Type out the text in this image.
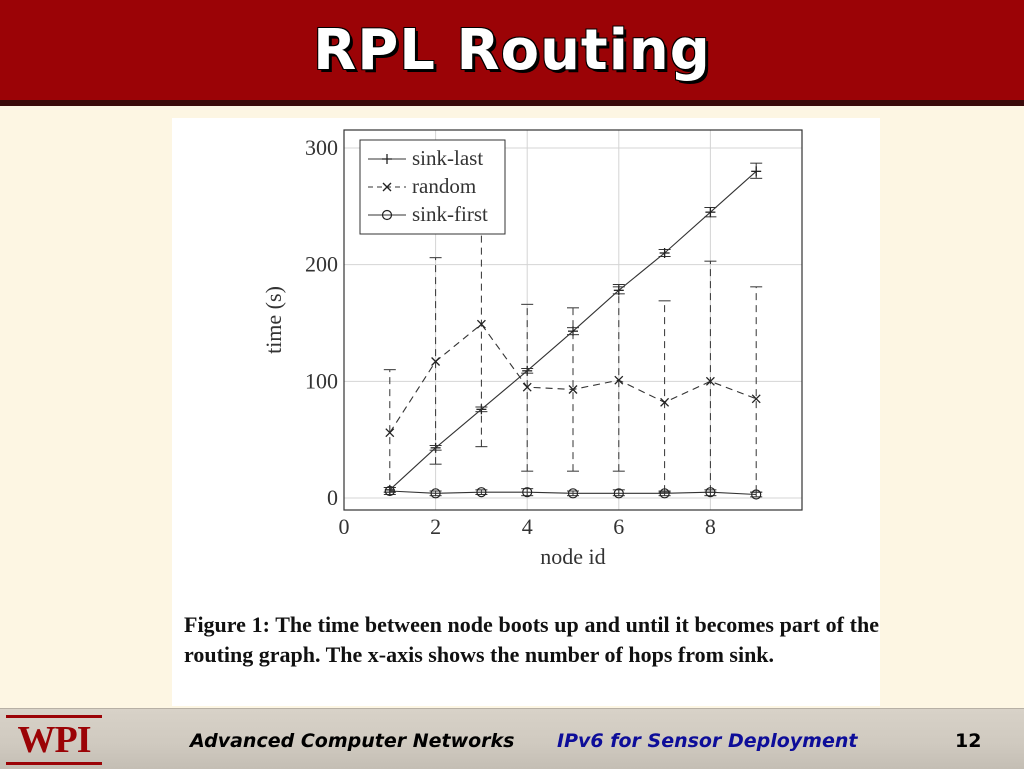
RPL Routing
0	2	4	6	8
0
100
200
300
node id
time (s)
sink-last
random
sink-first
Figure 1: The time between node boots up and until it becomes part of the routing graph. The x-axis shows the number of hops from sink.
WPI	Advanced Computer Networks IPv6 for Sensor Deployment	12
